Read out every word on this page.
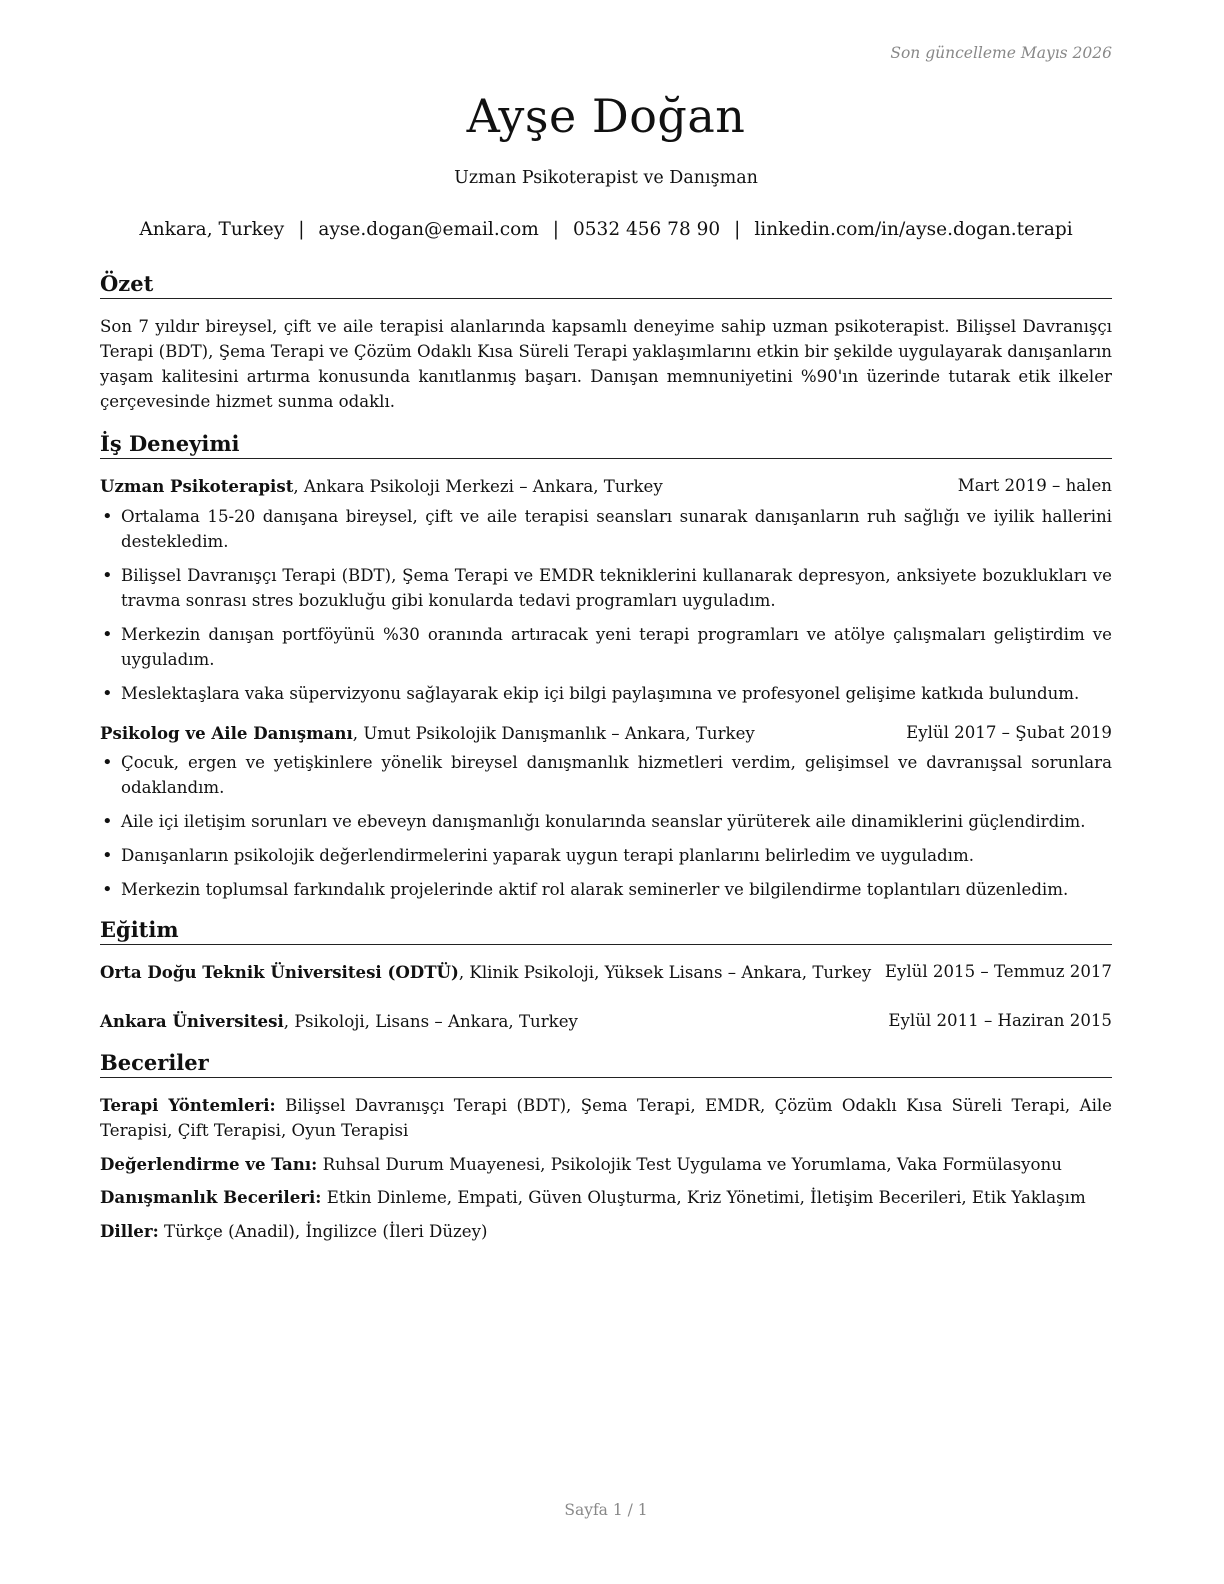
Son güncelleme Mayıs 2026
Ayşe Doğan
Uzman Psikoterapist ve Danışman
Ankara, Turkey | ayse.dogan@email.com | 0532 456 78 90 | linkedin.com/in/ayse.dogan.terapi
Özet
Son 7 yıldır bireysel, çift ve aile terapisi alanlarında kapsamlı deneyime sahip uzman psikoterapist. Bilişsel Davranışçı Terapi (BDT), Şema Terapi ve Çözüm Odaklı Kısa Süreli Terapi yaklaşımlarını etkin bir şekilde uygulayarak danışanların yaşam kalitesini artırma konusunda kanıtlanmış başarı. Danışan memnuniyetini %90'ın üzerinde tutarak etik ilkeler çerçevesinde hizmet sunma odaklı.
İş Deneyimi
Uzman Psikoterapist, Ankara Psikoloji Merkezi – Ankara, Turkey	Mart 2019 – halen
• Ortalama 15-20 danışana bireysel, çift ve aile terapisi seansları sunarak danışanların ruh sağlığı ve iyilik hallerini destekledim.
• Bilişsel Davranışçı Terapi (BDT), Şema Terapi ve EMDR tekniklerini kullanarak depresyon, anksiyete bozuklukları ve travma sonrası stres bozukluğu gibi konularda tedavi programları uyguladım.
• Merkezin danışan portföyünü %30 oranında artıracak yeni terapi programları ve atölye çalışmaları geliştirdim ve uyguladım.
• Meslektaşlara vaka süpervizyonu sağlayarak ekip içi bilgi paylaşımına ve profesyonel gelişime katkıda bulundum.
Psikolog ve Aile Danışmanı, Umut Psikolojik Danışmanlık – Ankara, Turkey	Eylül 2017 – Şubat 2019
• Çocuk, ergen ve yetişkinlere yönelik bireysel danışmanlık hizmetleri verdim, gelişimsel ve davranışsal sorunlara odaklandım.
• Aile içi iletişim sorunları ve ebeveyn danışmanlığı konularında seanslar yürüterek aile dinamiklerini güçlendirdim.
• Danışanların psikolojik değerlendirmelerini yaparak uygun terapi planlarını belirledim ve uyguladım.
• Merkezin toplumsal farkındalık projelerinde aktif rol alarak seminerler ve bilgilendirme toplantıları düzenledim.
Eğitim
Orta Doğu Teknik Üniversitesi (ODTÜ), Klinik Psikoloji, Yüksek Lisans – Ankara, Turkey Eylül 2015 – Temmuz 2017
Ankara Üniversitesi, Psikoloji, Lisans – Ankara, Turkey	Eylül 2011 – Haziran 2015
Beceriler
Terapi Yöntemleri: Bilişsel Davranışçı Terapi (BDT), Şema Terapi, EMDR, Çözüm Odaklı Kısa Süreli Terapi, Aile Terapisi, Çift Terapisi, Oyun Terapisi
Değerlendirme ve Tanı: Ruhsal Durum Muayenesi, Psikolojik Test Uygulama ve Yorumlama, Vaka Formülasyonu
Danışmanlık Becerileri: Etkin Dinleme, Empati, Güven Oluşturma, Kriz Yönetimi, İletişim Becerileri, Etik Yaklaşım
Diller: Türkçe (Anadil), İngilizce (İleri Düzey)
Sayfa 1 / 1
